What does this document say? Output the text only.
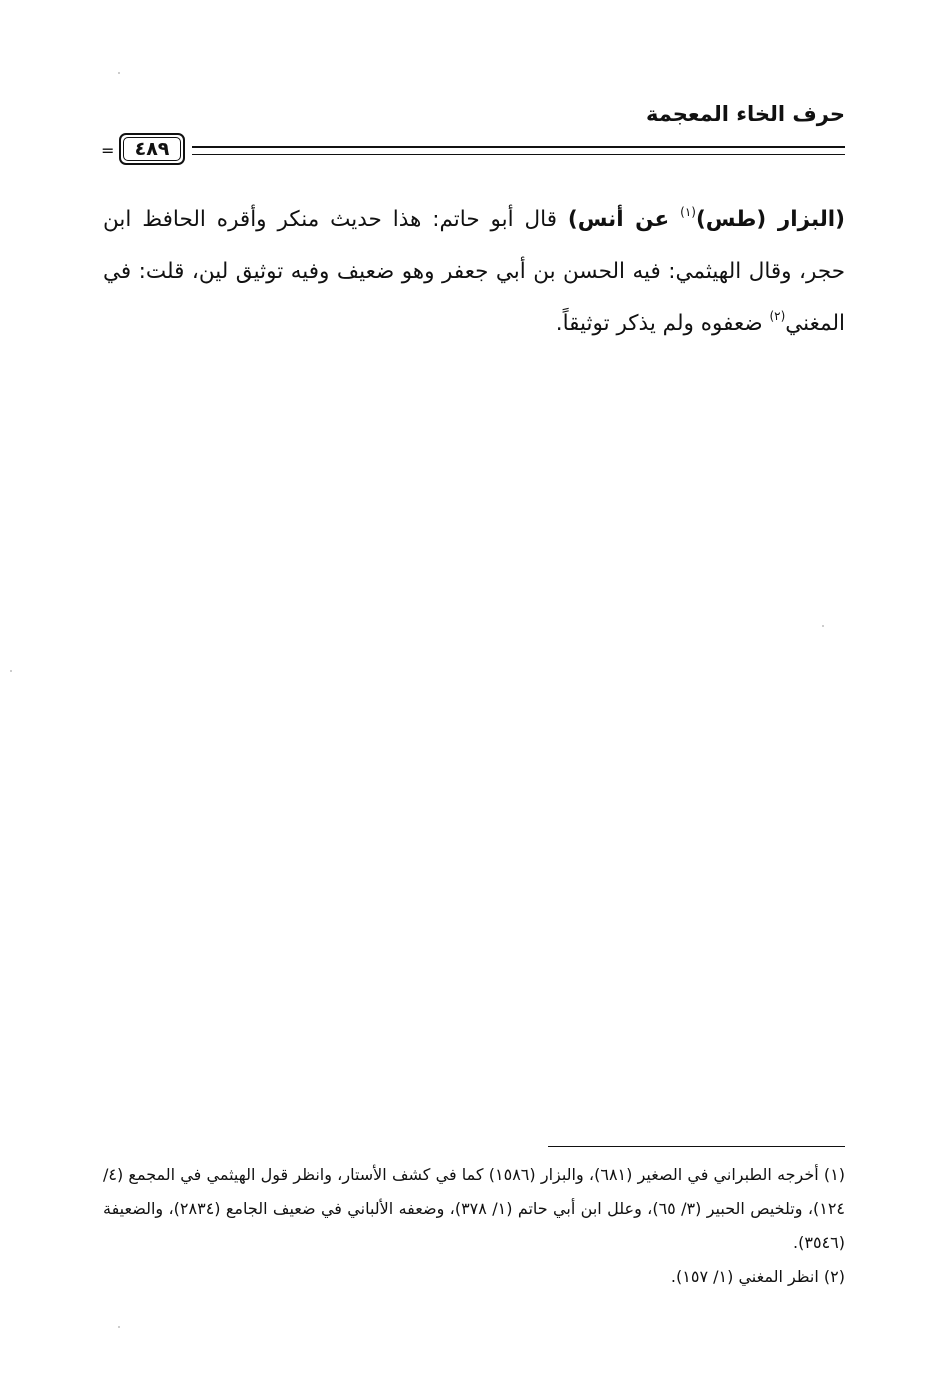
حرف الخاء المعجمة
=	٤٨٩
(البزار (طس)$^{(١)}$ عن أنس) قال أبو حاتم: هذا حديث منكر وأقره الحافظ ابن حجر، وقال الهيثمي: فيه الحسن بن أبي جعفر وهو ضعيف وفيه توثيق لين، قلت: في المغني$^{(٢)}$ ضعفوه ولم يذكر توثيقاً.
(١) أخرجه الطبراني في الصغير (٦٨١)، والبزار (١٥٨٦) كما في كشف الأستار، وانظر قول الهيثمي في المجمع (٤/ ١٢٤)، وتلخيص الحبير (٣/ ٦٥)، وعلل ابن أبي حاتم (١/ ٣٧٨)، وضعفه الألباني في ضعيف الجامع (٢٨٣٤)، والضعيفة (٣٥٤٦).
(٢) انظر المغني (١/ ١٥٧).
